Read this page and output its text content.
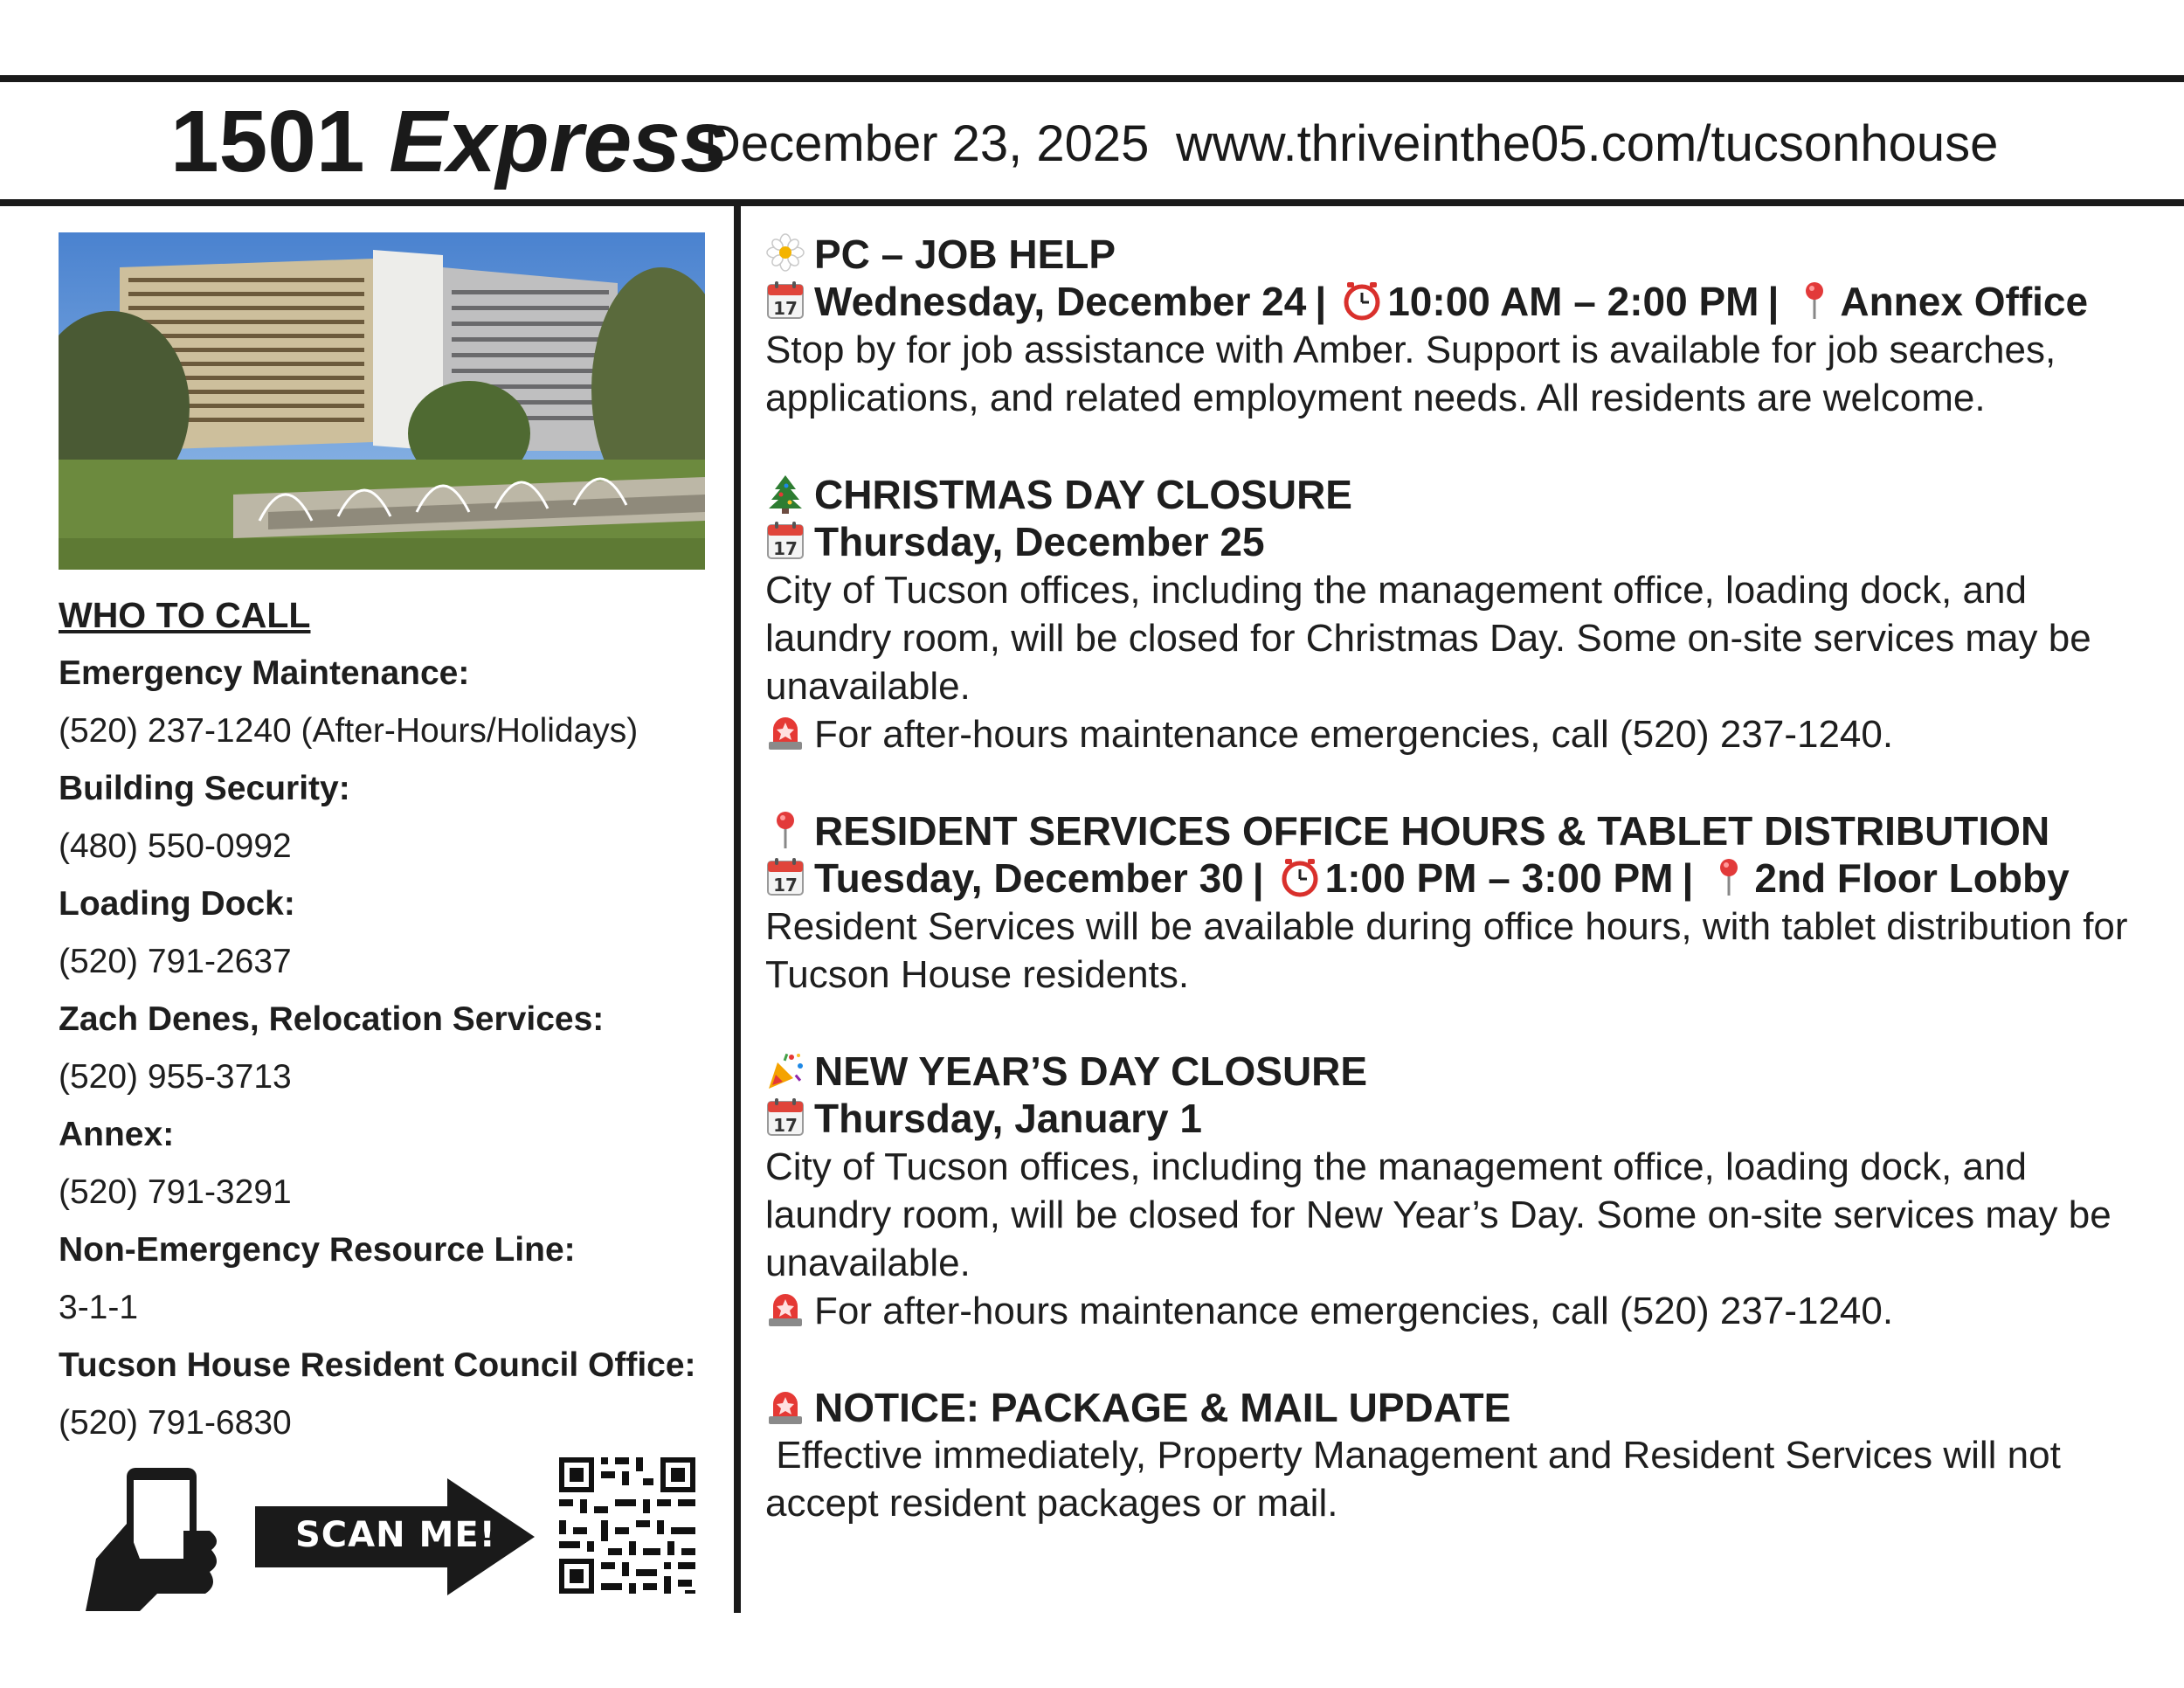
1501 Express
December 23, 2025 www.thriveinthe05.com/tucsonhouse
WHO TO CALL
Emergency Maintenance:
(520) 237-1240 (After-Hours/Holidays)
Building Security:
(480) 550-0992
Loading Dock:
(520) 791-2637
Zach Denes, Relocation Services:
(520) 955-3713
Annex:
(520) 791-3291
Non-Emergency Resource Line:
3-1-1
Tucson House Resident Council Office:
(520) 791-6830
SCAN ME!
PC – JOB HELP
Wednesday, December 24 | 10:00 AM – 2:00 PM | Annex Office
Stop by for job assistance with Amber. Support is available for job searches, applications, and related employment needs. All residents are welcome.
CHRISTMAS DAY CLOSURE
Thursday, December 25
City of Tucson offices, including the management office, loading dock, and laundry room, will be closed for Christmas Day. Some on-site services may be unavailable.
For after-hours maintenance emergencies, call (520) 237-1240.
RESIDENT SERVICES OFFICE HOURS & TABLET DISTRIBUTION
Tuesday, December 30 | 1:00 PM – 3:00 PM | 2nd Floor Lobby
Resident Services will be available during office hours, with tablet distribution for Tucson House residents.
NEW YEAR’S DAY CLOSURE
Thursday, January 1
City of Tucson offices, including the management office, loading dock, and laundry room, will be closed for New Year’s Day. Some on-site services may be unavailable.
For after-hours maintenance emergencies, call (520) 237-1240.
NOTICE: PACKAGE & MAIL UPDATE
Effective immediately, Property Management and Resident Services will not accept resident packages or mail.
